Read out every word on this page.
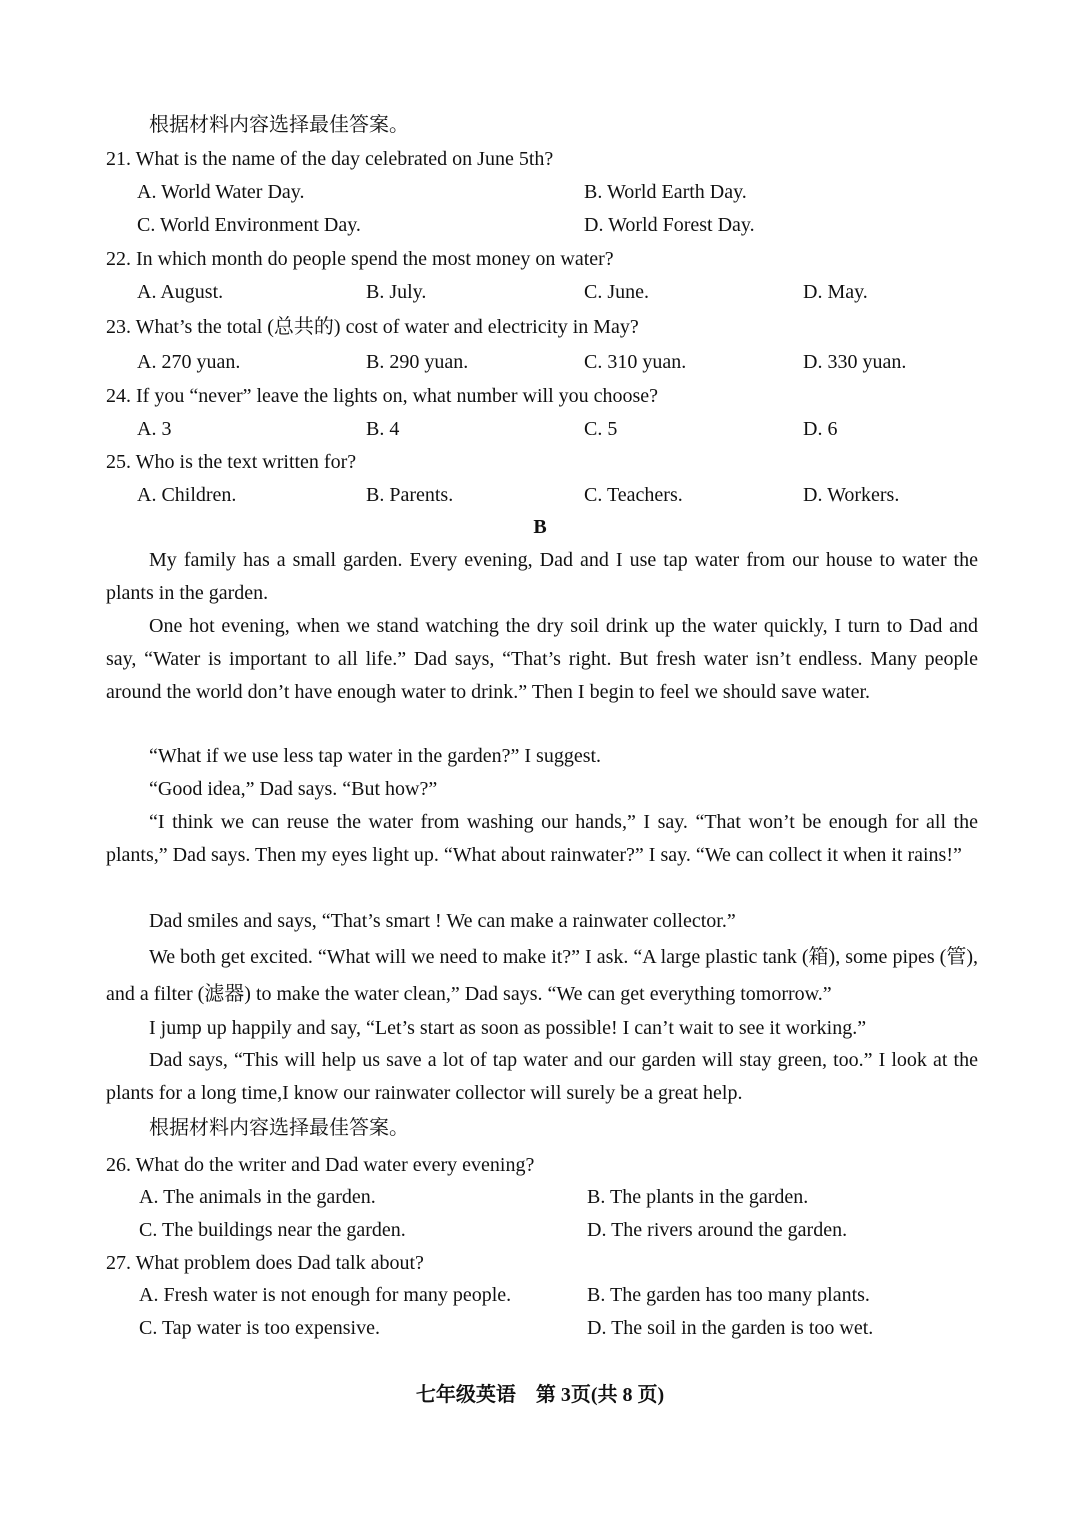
根据材料内容选择最佳答案。
21. What is the name of the day celebrated on June 5th?
A. World Water Day.	B. World Earth Day.
C. World Environment Day.	D. World Forest Day.
22. In which month do people spend the most money on water?
A. August.	B. July.	C. June.	D. May.
23. What’s the total (总共的) cost of water and electricity in May?
A. 270 yuan.	B. 290 yuan.	C. 310 yuan.	D. 330 yuan.
24. If you “never” leave the lights on, what number will you choose?
A. 3	B. 4	C. 5	D. 6
25. Who is the text written for?
A. Children.	B. Parents.	C. Teachers.	D. Workers.
B
My family has a small garden. Every evening, Dad and I use tap water from our house to water the plants in the garden.
One hot evening, when we stand watching the dry soil drink up the water quickly, I turn to Dad and say, “Water is important to all life.” Dad says, “That’s right. But fresh water isn’t endless. Many people around the world don’t have enough water to drink.” Then I begin to feel we should save water.
“What if we use less tap water in the garden?” I suggest.
“Good idea,” Dad says. “But how?”
“I think we can reuse the water from washing our hands,” I say. “That won’t be enough for all the plants,” Dad says. Then my eyes light up. “What about rainwater?” I say. “We can collect it when it rains!”
Dad smiles and says, “That’s smart ! We can make a rainwater collector.”
We both get excited. “What will we need to make it?” I ask. “A large plastic tank (箱), some pipes (管), and a filter (滤器) to make the water clean,” Dad says. “We can get everything tomorrow.”
I jump up happily and say, “Let’s start as soon as possible! I can’t wait to see it working.”
Dad says, “This will help us save a lot of tap water and our garden will stay green, too.” I look at the plants for a long time,I know our rainwater collector will surely be a great help.
根据材料内容选择最佳答案。
26. What do the writer and Dad water every evening?
A. The animals in the garden.	B. The plants in the garden.
C. The buildings near the garden.	D. The rivers around the garden.
27. What problem does Dad talk about?
A. Fresh water is not enough for many people.	B. The garden has too many plants.
C. Tap water is too expensive.	D. The soil in the garden is too wet.
七年级英语　第 3页(共 8 页)
